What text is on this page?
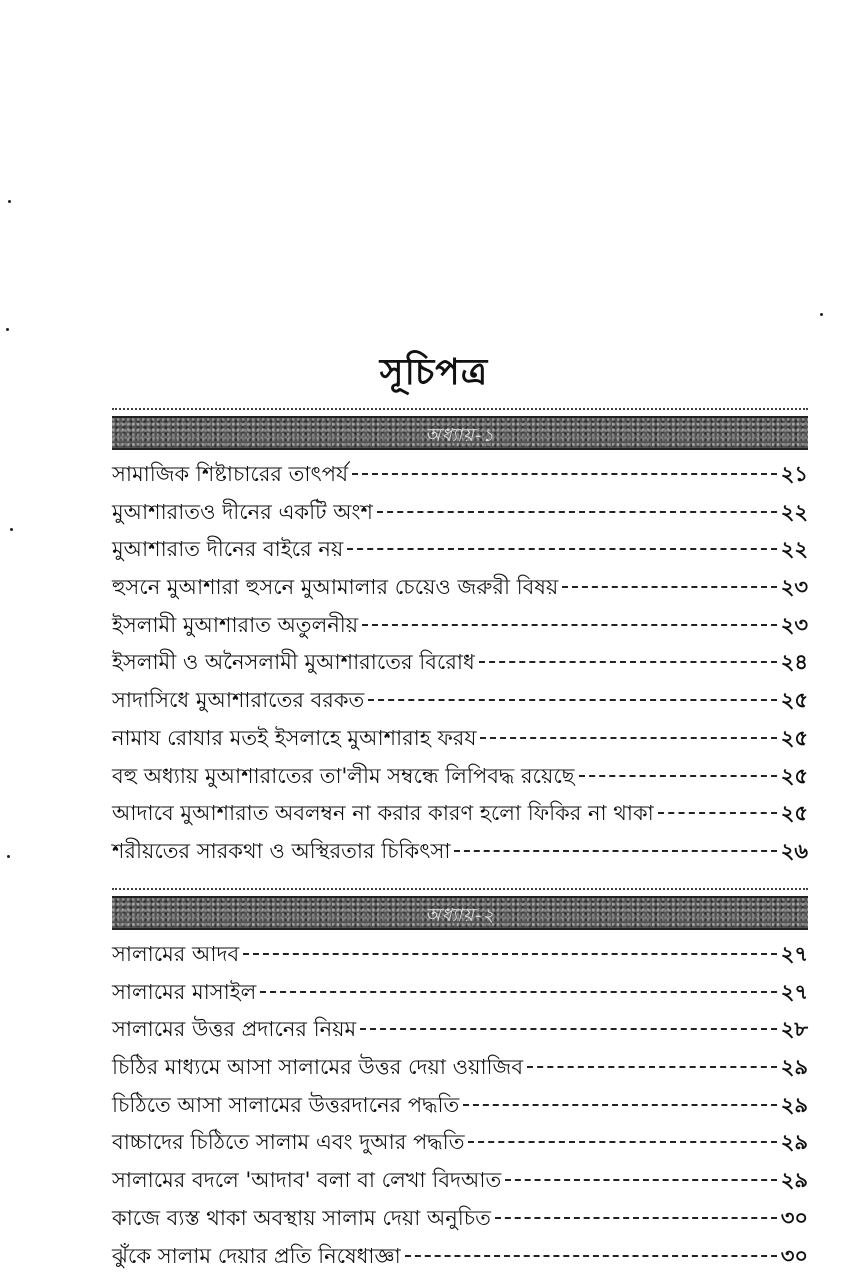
সূচিপত্র
অধ্যায়-১
সামাজিক শিষ্টাচারের তাৎপর্য	২১
মুআশারাতও দীনের একটি অংশ	২২
মুআশারাত দীনের বাইরে নয়	২২
হুসনে মুআশারা হুসনে মুআমালার চেয়েও জরুরী বিষয়	২৩
ইসলামী মুআশারাত অতুলনীয়	২৩
ইসলামী ও অনৈসলামী মুআশারাতের বিরোধ	২৪
সাদাসিধে মুআশারাতের বরকত	২৫
নামায রোযার মতই ইসলাহে মুআশারাহ ফরয	২৫
বহু অধ্যায় মুআশারাতের তা'লীম সম্বন্ধে লিপিবদ্ধ রয়েছে	২৫
আদাবে মুআশারাত অবলম্বন না করার কারণ হলো ফিকির না থাকা	২৫
শরীয়তের সারকথা ও অস্থিরতার চিকিৎসা	২৬
অধ্যায়-২
সালামের আদব	২৭
সালামের মাসাইল	২৭
সালামের উত্তর প্রদানের নিয়ম	২৮
চিঠির মাধ্যমে আসা সালামের উত্তর দেয়া ওয়াজিব	২৯
চিঠিতে আসা সালামের উত্তরদানের পদ্ধতি	২৯
বাচ্চাদের চিঠিতে সালাম এবং দুআর পদ্ধতি	২৯
সালামের বদলে 'আদাব' বলা বা লেখা বিদআত	২৯
কাজে ব্যস্ত থাকা অবস্থায় সালাম দেয়া অনুচিত	৩০
ঝুঁকে সালাম দেয়ার প্রতি নিষেধাজ্ঞা	৩০
